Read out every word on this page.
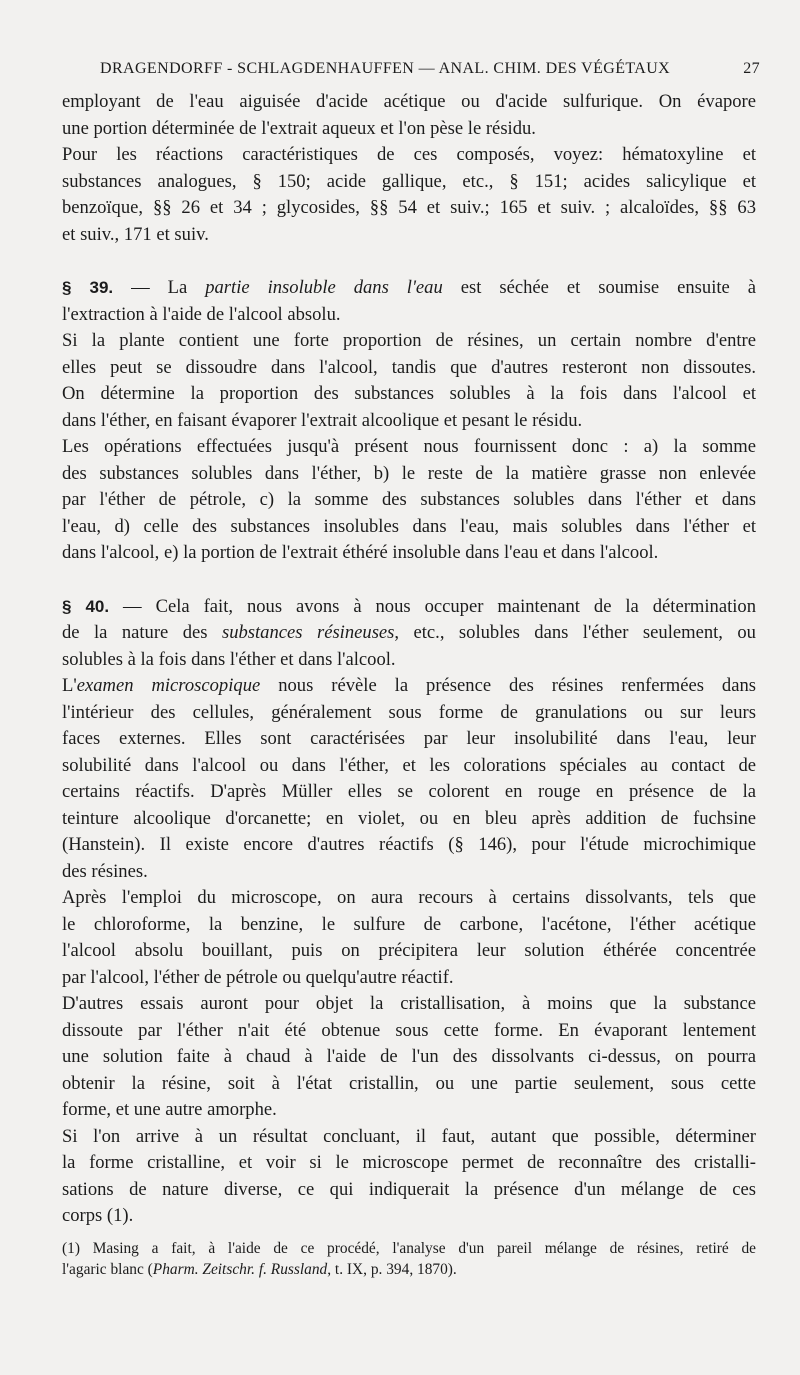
DRAGENDORFF - SCHLAGDENHAUFFEN — ANAL. CHIM. DES VÉGÉTAUX	27

employant de l'eau aiguisée d'acide acétique ou d'acide sulfurique. On évapore
une portion déterminée de l'extrait aqueux et l'on pèse le résidu.

Pour les réactions caractéristiques de ces composés, voyez: hématoxyline et
substances analogues, § 150; acide gallique, etc., § 151; acides salicylique et
benzoïque, §§ 26 et 34 ; glycosides, §§ 54 et suiv.; 165 et suiv. ; alcaloïdes, §§ 63
et suiv., 171 et suiv.

§ 39. — La partie insoluble dans l'eau est séchée et soumise ensuite à
l'extraction à l'aide de l'alcool absolu.

Si la plante contient une forte proportion de résines, un certain nombre d'entre
elles peut se dissoudre dans l'alcool, tandis que d'autres resteront non dissoutes.
On détermine la proportion des substances solubles à la fois dans l'alcool et
dans l'éther, en faisant évaporer l'extrait alcoolique et pesant le résidu.

Les opérations effectuées jusqu'à présent nous fournissent donc : a) la somme
des substances solubles dans l'éther, b) le reste de la matière grasse non enlevée
par l'éther de pétrole, c) la somme des substances solubles dans l'éther et dans
l'eau, d) celle des substances insolubles dans l'eau, mais solubles dans l'éther et
dans l'alcool, e) la portion de l'extrait éthéré insoluble dans l'eau et dans l'alcool.

§ 40. — Cela fait, nous avons à nous occuper maintenant de la détermination
de la nature des substances résineuses, etc., solubles dans l'éther seulement, ou
solubles à la fois dans l'éther et dans l'alcool.

L'examen microscopique nous révèle la présence des résines renfermées dans
l'intérieur des cellules, généralement sous forme de granulations ou sur leurs
faces externes. Elles sont caractérisées par leur insolubilité dans l'eau, leur
solubilité dans l'alcool ou dans l'éther, et les colorations spéciales au contact de
certains réactifs. D'après Müller elles se colorent en rouge en présence de la
teinture alcoolique d'orcanette; en violet, ou en bleu après addition de fuchsine
(Hanstein). Il existe encore d'autres réactifs (§ 146), pour l'étude microchimique
des résines.

Après l'emploi du microscope, on aura recours à certains dissolvants, tels que
le chloroforme, la benzine, le sulfure de carbone, l'acétone, l'éther acétique
l'alcool absolu bouillant, puis on précipitera leur solution éthérée concentrée
par l'alcool, l'éther de pétrole ou quelqu'autre réactif.

D'autres essais auront pour objet la cristallisation, à moins que la substance
dissoute par l'éther n'ait été obtenue sous cette forme. En évaporant lentement
une solution faite à chaud à l'aide de l'un des dissolvants ci-dessus, on pourra
obtenir la résine, soit à l'état cristallin, ou une partie seulement, sous cette
forme, et une autre amorphe.

Si l'on arrive à un résultat concluant, il faut, autant que possible, déterminer
la forme cristalline, et voir si le microscope permet de reconnaître des cristalli-
sations de nature diverse, ce qui indiquerait la présence d'un mélange de ces
corps (1).

(1) Masing a fait, à l'aide de ce procédé, l'analyse d'un pareil mélange de résines, retiré de
l'agaric blanc (Pharm. Zeitschr. f. Russland, t. IX, p. 394, 1870).
